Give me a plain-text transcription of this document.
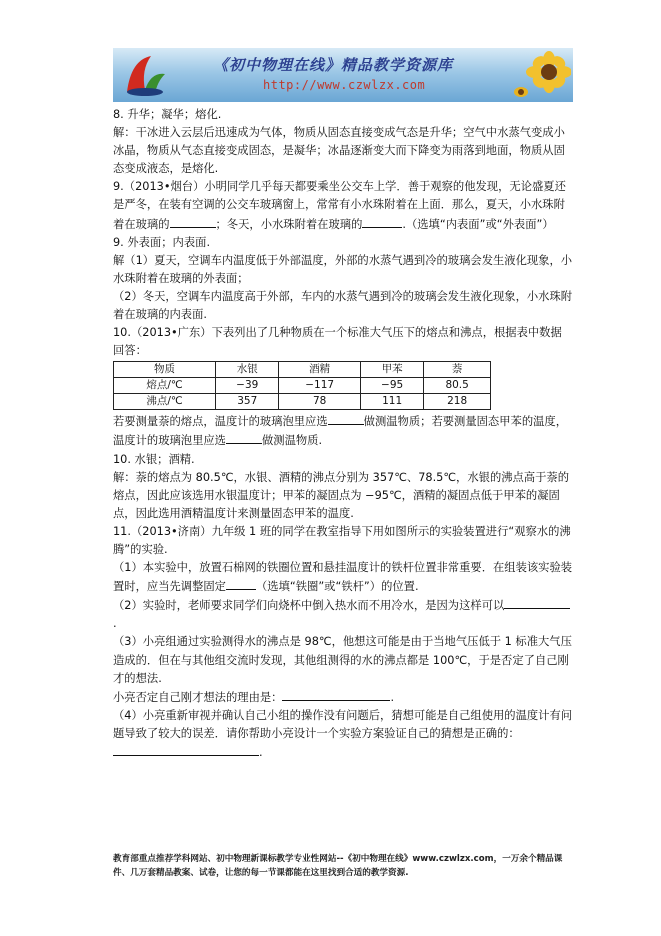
《初中物理在线》精品教学资源库
http://www.czwlzx.com

8. 升华；凝华；熔化.

解：干冰进入云层后迅速成为气体，物质从固态直接变成气态是升华；空气中水蒸气变成小冰晶，物质从气态直接变成固态，是凝华；冰晶逐渐变大而下降变为雨落到地面，物质从固态变成液态，是熔化.

9.（2013•烟台）小明同学几乎每天都要乘坐公交车上学．善于观察的他发现，无论盛夏还是严冬，在装有空调的公交车玻璃窗上，常常有小水珠附着在上面．那么，夏天，小水珠附着在玻璃的	；冬天，小水珠附着在玻璃的	.（选填“内表面”或“外表面”）

9. 外表面；内表面.

解（1）夏天，空调车内温度低于外部温度，外部的水蒸气遇到冷的玻璃会发生液化现象，小水珠附着在玻璃的外表面；

（2）冬天，空调车内温度高于外部，车内的水蒸气遇到冷的玻璃会发生液化现象，小水珠附着在玻璃的内表面.

10.（2013•广东）下表列出了几种物质在一个标准大气压下的熔点和沸点，根据表中数据回答：

物质	水银	酒精	甲苯	萘
熔点/℃	−39	−117	−95	80.5
沸点/℃	357	78	111	218

若要测量萘的熔点，温度计的玻璃泡里应选	做测温物质；若要测量固态甲苯的温度，温度计的玻璃泡里应选	做测温物质.

10. 水银；酒精.

解：萘的熔点为 80.5℃，水银、酒精的沸点分别为 357℃、78.5℃，水银的沸点高于萘的熔点，因此应该选用水银温度计；甲苯的凝固点为 −95℃，酒精的凝固点低于甲苯的凝固点，因此选用酒精温度计来测量固态甲苯的温度.

11.（2013•济南）九年级 1 班的同学在教室指导下用如图所示的实验装置进行“观察水的沸腾”的实验.

（1）本实验中，放置石棉网的铁圈位置和悬挂温度计的铁杆位置非常重要．在组装该实验装置时，应当先调整固定	（选填“铁圈”或“铁杆”）的位置.

（2）实验时，老师要求同学们向烧杯中倒入热水而不用冷水，是因为这样可以.

（3）小亮组通过实验测得水的沸点是 98℃，他想这可能是由于当地气压低于 1 标准大气压造成的．但在与其他组交流时发现，其他组测得的水的沸点都是 100℃，于是否定了自己刚才的想法.

小亮否定自己刚才想法的理由是：	.

（4）小亮重新审视并确认自己小组的操作没有问题后，猜想可能是自己组使用的温度计有问题导致了较大的误差．请你帮助小亮设计一个实验方案验证自己的猜想是正确的：.

教育部重点推荐学科网站、初中物理新课标教学专业性网站--《初中物理在线》www.czwlzx.com，一万余个精品课件、几万套精品教案、试卷，让您的每一节课都能在这里找到合适的教学资源.
